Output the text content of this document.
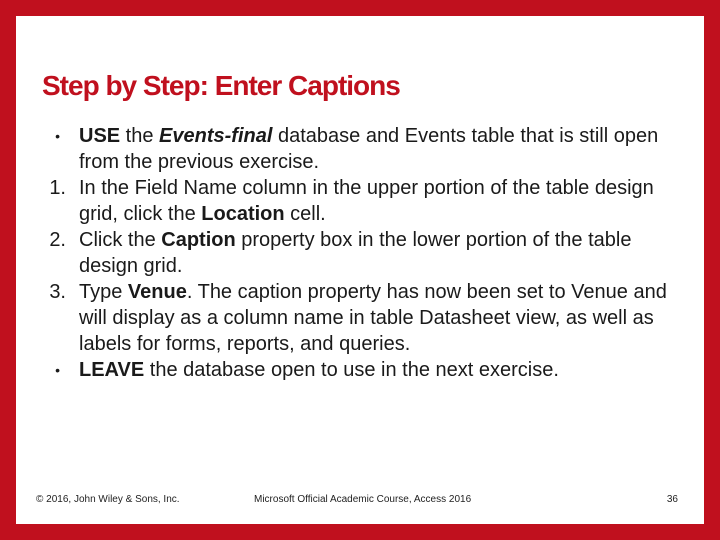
Step by Step: Enter Captions
• USE the Events-final database and Events table that is still open from the previous exercise.
1. In the Field Name column in the upper portion of the table design grid, click the Location cell.
2. Click the Caption property box in the lower portion of the table design grid.
3. Type Venue. The caption property has now been set to Venue and will display as a column name in table Datasheet view, as well as labels for forms, reports, and queries.
• LEAVE the database open to use in the next exercise.
© 2016, John Wiley & Sons, Inc.	Microsoft Official Academic Course, Access 2016	36
